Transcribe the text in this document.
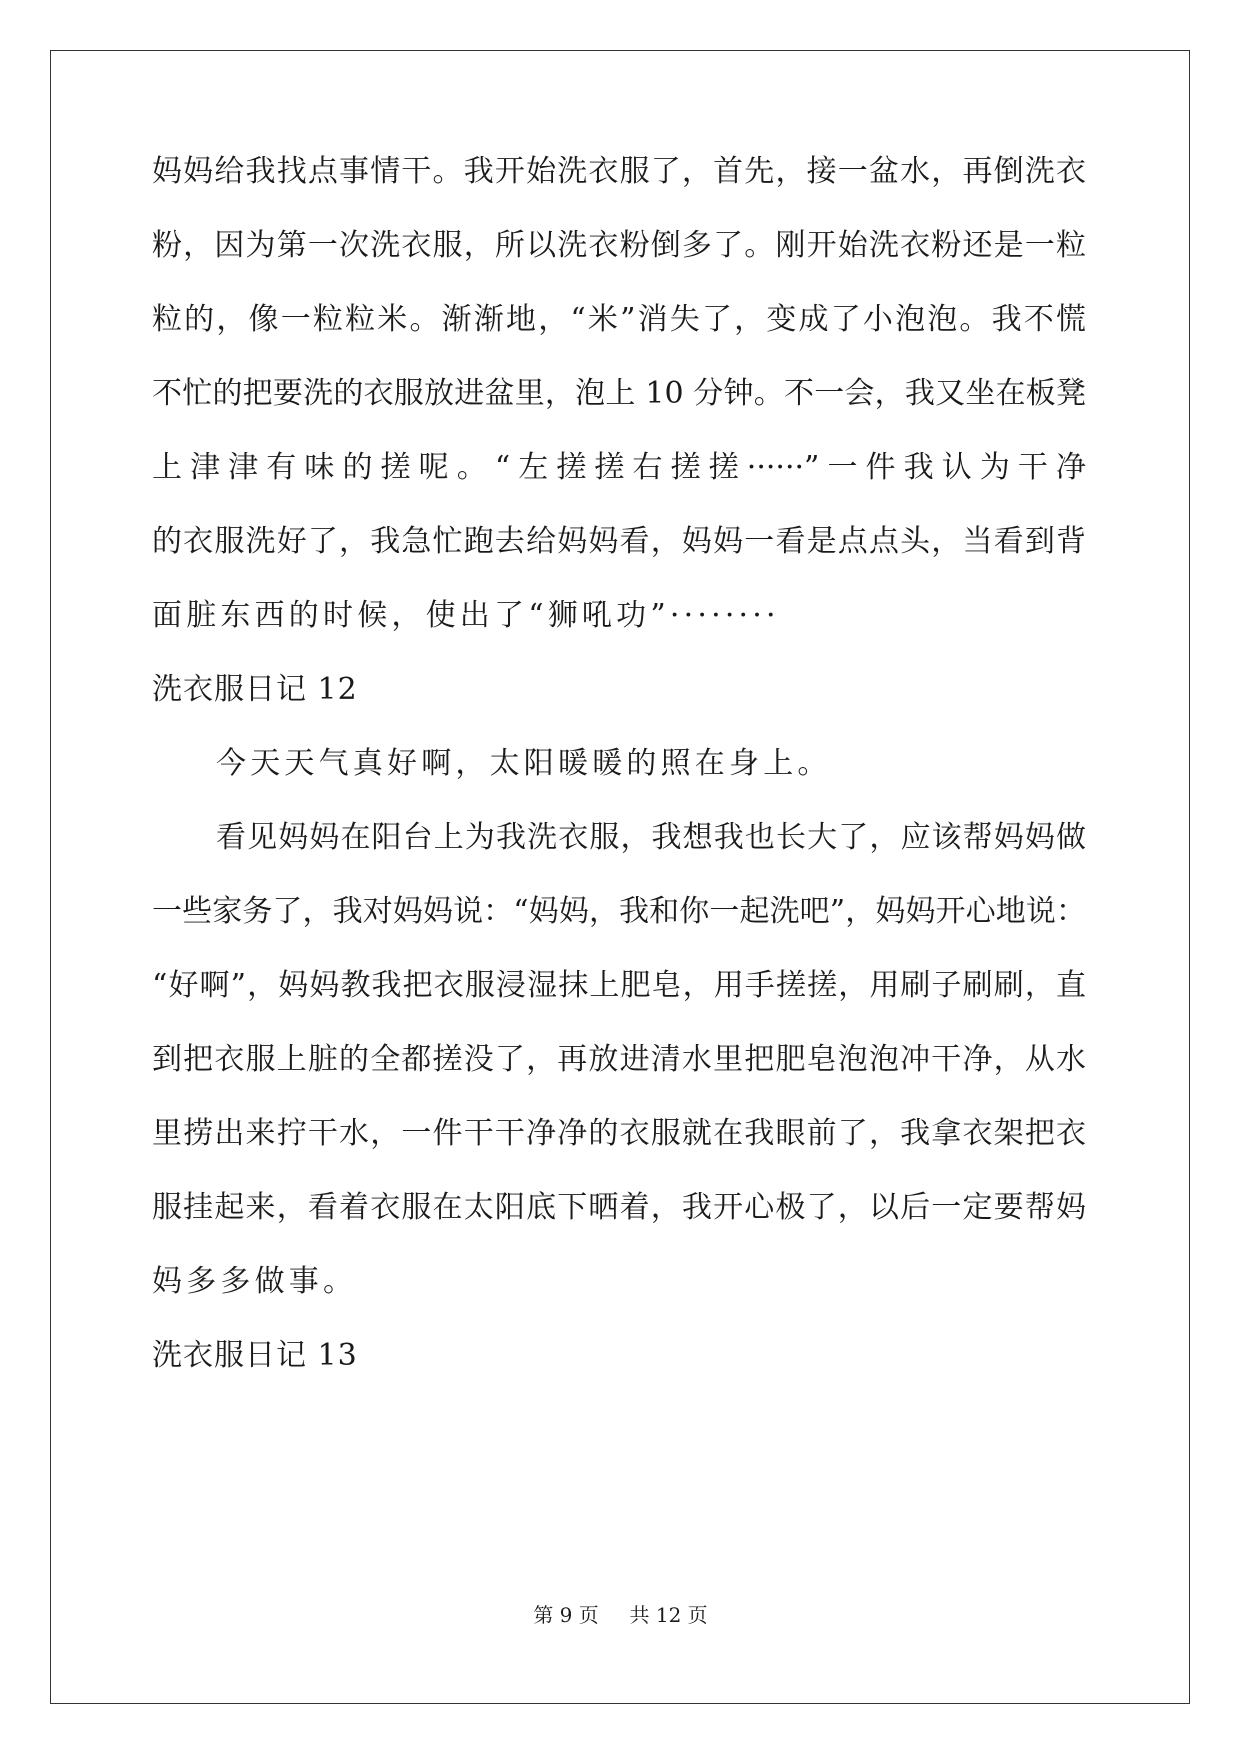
妈妈给我找点事情干。我开始洗衣服了，首先，接一盆水，再倒洗衣
粉，因为第一次洗衣服，所以洗衣粉倒多了。刚开始洗衣粉还是一粒
粒的，像一粒粒米。渐渐地，“米”消失了，变成了小泡泡。我不慌
不忙的把要洗的衣服放进盆里，泡上 10 分钟。不一会，我又坐在板凳
上津津有味的搓呢。“左搓搓右搓搓······”一件我认为干净
的衣服洗好了，我急忙跑去给妈妈看，妈妈一看是点点头，当看到背
面脏东西的时候，使出了“狮吼功”········
洗衣服日记 12
今天天气真好啊，太阳暖暖的照在身上。
看见妈妈在阳台上为我洗衣服，我想我也长大了，应该帮妈妈做
一些家务了，我对妈妈说：“妈妈，我和你一起洗吧”，妈妈开心地说：
“好啊”，妈妈教我把衣服浸湿抹上肥皂，用手搓搓，用刷子刷刷，直
到把衣服上脏的全都搓没了，再放进清水里把肥皂泡泡冲干净，从水
里捞出来拧干水，一件干干净净的衣服就在我眼前了，我拿衣架把衣
服挂起来，看着衣服在太阳底下晒着，我开心极了，以后一定要帮妈
妈多多做事。
洗衣服日记 13
第 9 页 共 12 页
